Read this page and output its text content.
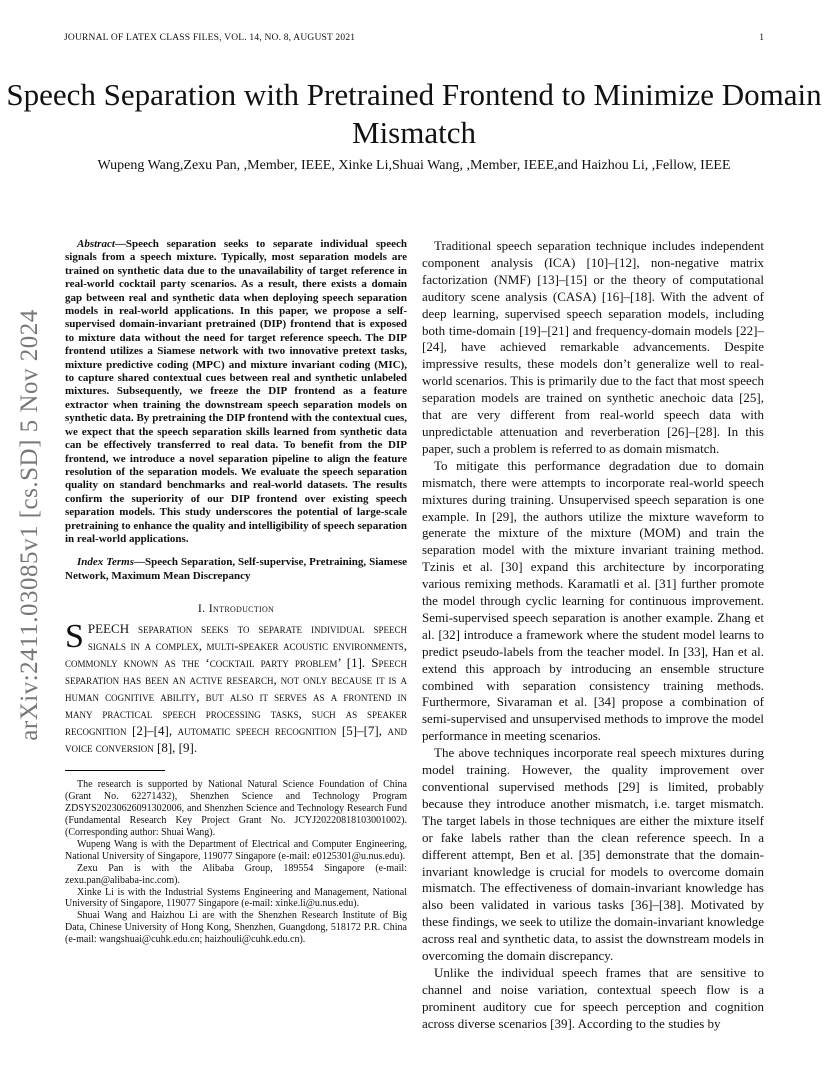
JOURNAL OF LATEX CLASS FILES, VOL. 14, NO. 8, AUGUST 2021	1
Speech Separation with Pretrained Frontend to Minimize Domain Mismatch
Wupeng Wang,Zexu Pan, ,Member, IEEE, Xinke Li,Shuai Wang, ,Member, IEEE,and Haizhou Li, ,Fellow, IEEE
arXiv:2411.03085v1 [cs.SD] 5 Nov 2024

Abstract—Speech separation seeks to separate individual speech signals from a speech mixture. Typically, most separation models are trained on synthetic data due to the unavailability of target reference in real-world cocktail party scenarios. As a result, there exists a domain gap between real and synthetic data when deploying speech separation models in real-world applications. In this paper, we propose a self-supervised domain-invariant pretrained (DIP) frontend that is exposed to mixture data without the need for target reference speech. The DIP frontend utilizes a Siamese network with two innovative pretext tasks, mixture predictive coding (MPC) and mixture invariant coding (MIC), to capture shared contextual cues between real and synthetic unlabeled mixtures. Subsequently, we freeze the DIP frontend as a feature extractor when training the downstream speech separation models on synthetic data. By pretraining the DIP frontend with the contextual cues, we expect that the speech separation skills learned from synthetic data can be effectively transferred to real data. To benefit from the DIP frontend, we introduce a novel separation pipeline to align the feature resolution of the separation models. We evaluate the speech separation quality on standard benchmarks and real-world datasets. The results confirm the superiority of our DIP frontend over existing speech separation models. This study underscores the potential of large-scale pretraining to enhance the quality and intelligibility of speech separation in real-world applications.

Index Terms—Speech Separation, Self-supervise, Pretraining, Siamese Network, Maximum Mean Discrepancy

I. Introduction

SPEECH separation seeks to separate individual speech signals in a complex, multi-speaker acoustic environments, commonly known as the ‘cocktail party problem’ [1]. Speech separation has been an active research, not only because it is a human cognitive ability, but also it serves as a frontend in many practical speech processing tasks, such as speaker recognition [2]–[4], automatic speech recognition [5]–[7], and voice conversion [8], [9].

The research is supported by National Natural Science Foundation of China (Grant No. 62271432), Shenzhen Science and Technology Program ZDSYS20230626091302006, and Shenzhen Science and Technology Research Fund (Fundamental Research Key Project Grant No. JCYJ20220818103001002). (Corresponding author: Shuai Wang).

Wupeng Wang is with the Department of Electrical and Computer Engineering, National University of Singapore, 119077 Singapore (e-mail: e0125301@u.nus.edu).

Zexu Pan is with the Alibaba Group, 189554 Singapore (e-mail: zexu.pan@alibaba-inc.com).

Xinke Li is with the Industrial Systems Engineering and Management, National University of Singapore, 119077 Singapore (e-mail: xinke.li@u.nus.edu).

Shuai Wang and Haizhou Li are with the Shenzhen Research Institute of Big Data, Chinese University of Hong Kong, Shenzhen, Guangdong, 518172 P.R. China (e-mail: wangshuai@cuhk.edu.cn; haizhouli@cuhk.edu.cn).

Traditional speech separation technique includes independent component analysis (ICA) [10]–[12], non-negative matrix factorization (NMF) [13]–[15] or the theory of computational auditory scene analysis (CASA) [16]–[18]. With the advent of deep learning, supervised speech separation models, including both time-domain [19]–[21] and frequency-domain models [22]–[24], have achieved remarkable advancements. Despite impressive results, these models don’t generalize well to real-world scenarios. This is primarily due to the fact that most speech separation models are trained on synthetic anechoic data [25], that are very different from real-world speech data with unpredictable attenuation and reverberation [26]–[28]. In this paper, such a problem is referred to as domain mismatch.

To mitigate this performance degradation due to domain mismatch, there were attempts to incorporate real-world speech mixtures during training. Unsupervised speech separation is one example. In [29], the authors utilize the mixture waveform to generate the mixture of the mixture (MOM) and train the separation model with the mixture invariant training method. Tzinis et al. [30] expand this architecture by incorporating various remixing methods. Karamatli et al. [31] further promote the model through cyclic learning for continuous improvement. Semi-supervised speech separation is another example. Zhang et al. [32] introduce a framework where the student model learns to predict pseudo-labels from the teacher model. In [33], Han et al. extend this approach by introducing an ensemble structure combined with separation consistency training methods. Furthermore, Sivaraman et al. [34] propose a combination of semi-supervised and unsupervised methods to improve the model performance in meeting scenarios.

The above techniques incorporate real speech mixtures during model training. However, the quality improvement over conventional supervised methods [29] is limited, probably because they introduce another mismatch, i.e. target mismatch. The target labels in those techniques are either the mixture itself or fake labels rather than the clean reference speech. In a different attempt, Ben et al. [35] demonstrate that the domain-invariant knowledge is crucial for models to overcome domain mismatch. The effectiveness of domain-invariant knowledge has also been validated in various tasks [36]–[38]. Motivated by these findings, we seek to utilize the domain-invariant knowledge across real and synthetic data, to assist the downstream models in overcoming the domain discrepancy.

Unlike the individual speech frames that are sensitive to channel and noise variation, contextual speech flow is a prominent auditory cue for speech perception and cognition across diverse scenarios [39]. According to the studies by
